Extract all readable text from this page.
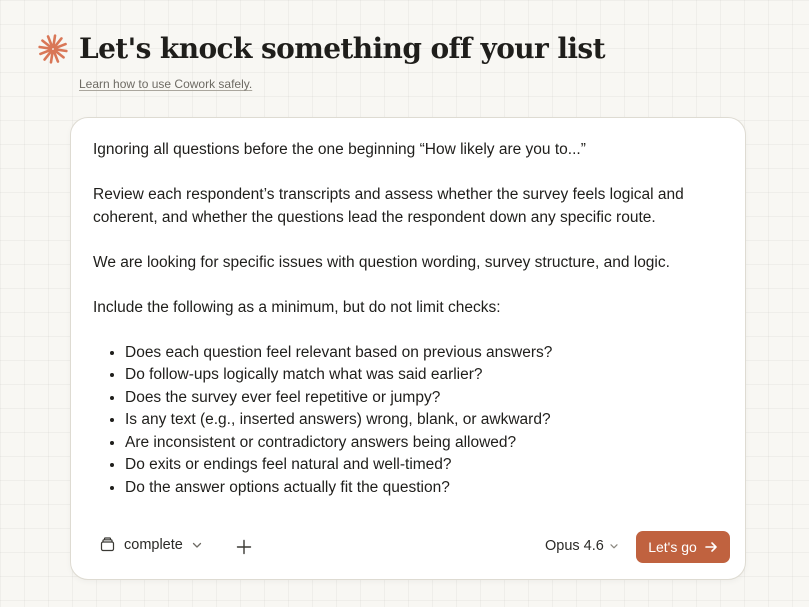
Let's knock something off your list
Learn how to use Cowork safely.

Ignoring all questions before the one beginning “How likely are you to...”

Review each respondent’s transcripts and assess whether the survey feels logical and coherent, and whether the questions lead the respondent down any specific route.

We are looking for specific issues with question wording, survey structure, and logic.

Include the following as a minimum, but do not limit checks:

• Does each question feel relevant based on previous answers?
• Do follow-ups logically match what was said earlier?
• Does the survey ever feel repetitive or jumpy?
• Is any text (e.g., inserted answers) wrong, blank, or awkward?
• Are inconsistent or contradictory answers being allowed?
• Do exits or endings feel natural and well-timed?
• Do the answer options actually fit the question?
complete	Opus 4.6	Let's go
